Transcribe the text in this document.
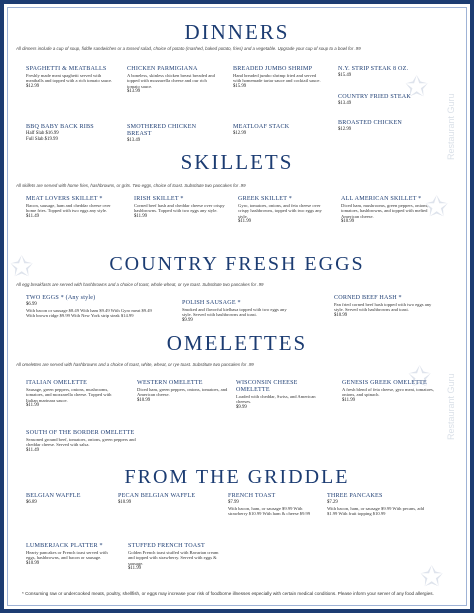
✩
✩
✩
✩
✩
Restaurant Guru
Restaurant Guru
DINNERS
All dinners include a cup of soup, fiddle sandwiches or a tossed salad, choice of potato (mashed, baked potato, fries) and a vegetable. Upgrade your cup of soup to a bowl for .99
SPAGHETTI & MEATBALLS
Freshly made meat spaghetti served with meatballs and topped with a rich tomato sauce.
$12.99
CHICKEN PARMIGIANA
A boneless, skinless chicken breast breaded and topped with mozzarella cheese and our rich tomato sauce.
$13.99
BREADED JUMBO SHRIMP
Hand breaded jumbo shrimp fried and served with homemade tartar sauce and cocktail sauce.
$15.99
N.Y. STRIP STEAK 8 OZ.
$15.49
COUNTRY FRIED STEAK
$13.49
BBQ BABY BACK RIBS
Half Slab $16.99
Full Slab $19.99
SMOTHERED CHICKEN BREAST
$13.49
MEATLOAF STACK
$12.99
BROASTED CHICKEN
$12.99
SKILLETS
All skillets are served with home fries, hashbrowns, or grits. Two eggs, choice of toast. Substitute two pancakes for .99
MEAT LOVERS SKILLET *
Bacon, sausage, ham and cheddar cheese over home fries. Topped with two eggs any style.
$11.49
IRISH SKILLET *
Corned beef hash and cheddar cheese over crispy hashbrowns. Topped with two eggs any style.
$11.99
GREEK SKILLET *
Gyro, tomatoes, onions, and feta cheese over crispy hashbrowns, topped with two eggs any style.
$11.99
ALL AMERICAN SKILLET *
Diced ham, mushrooms, green peppers, onions, tomatoes, hashbrowns, and topped with melted American cheese.
$10.99
COUNTRY FRESH EGGS
All egg breakfasts are served with hashbrowns and a choice of toast, whole wheat, or rye toast. Substitute two pancakes for .99
TWO EGGS * (Any style)
$6.99
With bacon or sausage $8.49 With ham $9.49 With Gyro meat $9.49 With brown ridge $9.99 With New York strip steak $14.99
POLISH SAUSAGE *
Smoked and flavorful kielbasa topped with two eggs any style. Served with hashbrowns and toast.
$9.99
CORNED BEEF HASH *
Pan fried corned beef hash topped with two eggs any style. Served with hashbrowns and toast.
$10.99
OMELETTES
All omelettes are served with hashbrowns and a choice of toast, white, wheat, or rye toast. Substitute two pancakes for .99
ITALIAN OMELETTE
Sausage, green peppers, onions, mushrooms, tomatoes, and mozzarella cheese. Topped with Italian marinara sauce.
$11.99
WESTERN OMELETTE
Diced ham, green peppers, onions, tomatoes, and American cheese.
$10.99
WISCONSIN CHEESE OMELETTE
Loaded with cheddar, Swiss, and American cheeses.
$9.99
GENESIS GREEK OMELETTE
A fresh blend of feta cheese, gyro meat, tomatoes, onions, and spinach.
$11.99
SOUTH OF THE BORDER OMELETTE
Seasoned ground beef, tomatoes, onions, green peppers and cheddar cheese. Served with salsa.
$11.49
FROM THE GRIDDLE
BELGIAN WAFFLE
$6.89
PECAN BELGIAN WAFFLE
$10.99
FRENCH TOAST
$7.99
With bacon, ham, or sausage $9.99 With strawberry $10.99 With ham & cheese $9.99
THREE PANCAKES
$7.29
With bacon, ham, or sausage $9.99 With pecans, add $1.99 With fruit topping $10.99
LUMBERJACK PLATTER *
Hearty pancakes or French toast served with eggs, hashbrowns, and bacon or sausage.
$10.99
STUFFED FRENCH TOAST
Golden French toast stuffed with Bavarian cream and topped with strawberry. Served with eggs & sausage.
$11.99
* Consuming raw or undercooked meats, poultry, shellfish, or eggs may increase your risk of foodborne illnesses especially with certain medical conditions. Please inform your server of any food allergies.
